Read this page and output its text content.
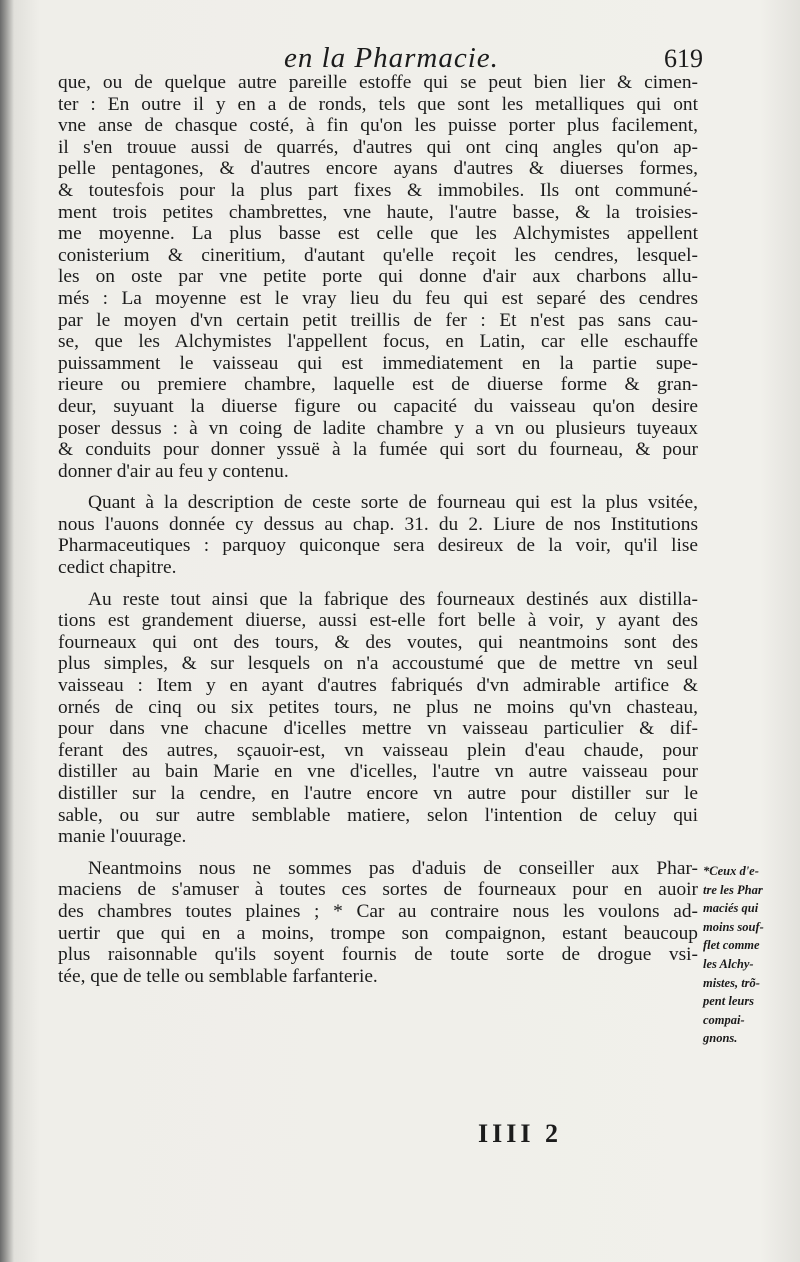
en la Pharmacie.	619

que, ou de quelque autre pareille estoffe qui se peut bien lier & cimen-
ter : En outre il y en a de ronds, tels que sont les metalliques qui ont
vne anse de chasque costé, à fin qu'on les puisse porter plus facilement,
il s'en trouue aussi de quarrés, d'autres qui ont cinq angles qu'on ap-
pelle pentagones, & d'autres encore ayans d'autres & diuerses formes,
& toutesfois pour la plus part fixes & immobiles. Ils ont communé-
ment trois petites chambrettes, vne haute, l'autre basse, & la troisies-
me moyenne. La plus basse est celle que les Alchymistes appellent
conisterium & cineritium, d'autant qu'elle reçoit les cendres, lesquel-
les on oste par vne petite porte qui donne d'air aux charbons allu-
més : La moyenne est le vray lieu du feu qui est separé des cendres
par le moyen d'vn certain petit treillis de fer : Et n'est pas sans cau-
se, que les Alchymistes l'appellent focus, en Latin, car elle eschauffe
puissamment le vaisseau qui est immediatement en la partie supe-
rieure ou premiere chambre, laquelle est de diuerse forme & gran-
deur, suyuant la diuerse figure ou capacité du vaisseau qu'on desire
poser dessus : à vn coing de ladite chambre y a vn ou plusieurs tuyeaux
& conduits pour donner yssuë à la fumée qui sort du fourneau, & pour
donner d'air au feu y contenu.

Quant à la description de ceste sorte de fourneau qui est la plus vsitée,
nous l'auons donnée cy dessus au chap. 31. du 2. Liure de nos Institutions
Pharmaceutiques : parquoy quiconque sera desireux de la voir, qu'il lise
cedict chapitre.

Au reste tout ainsi que la fabrique des fourneaux destinés aux distilla-
tions est grandement diuerse, aussi est-elle fort belle à voir, y ayant des
fourneaux qui ont des tours, & des voutes, qui neantmoins sont des
plus simples, & sur lesquels on n'a accoustumé que de mettre vn seul
vaisseau : Item y en ayant d'autres fabriqués d'vn admirable artifice &
ornés de cinq ou six petites tours, ne plus ne moins qu'vn chasteau,
pour dans vne chacune d'icelles mettre vn vaisseau particulier & dif-
ferant des autres, sçauoir-est, vn vaisseau plein d'eau chaude, pour
distiller au bain Marie en vne d'icelles, l'autre vn autre vaisseau pour
distiller sur la cendre, en l'autre encore vn autre pour distiller sur le
sable, ou sur autre semblable matiere, selon l'intention de celuy qui
manie l'ouurage.

Neantmoins nous ne sommes pas d'aduis de conseiller aux Phar-
maciens de s'amuser à toutes ces sortes de fourneaux pour en auoir
des chambres toutes plaines ; * Car au contraire nous les voulons ad-
uertir que qui en a moins, trompe son compaignon, estant beaucoup
plus raisonnable qu'ils soyent fournis de toute sorte de drogue vsi-
tée, que de telle ou semblable farfanterie.

*Ceux d'e-
tre les Phar
maciés qui
moins souf-
flet comme
les Alchy-
mistes, trõ-
pent leurs
compai-
gnons.
IIII 2
